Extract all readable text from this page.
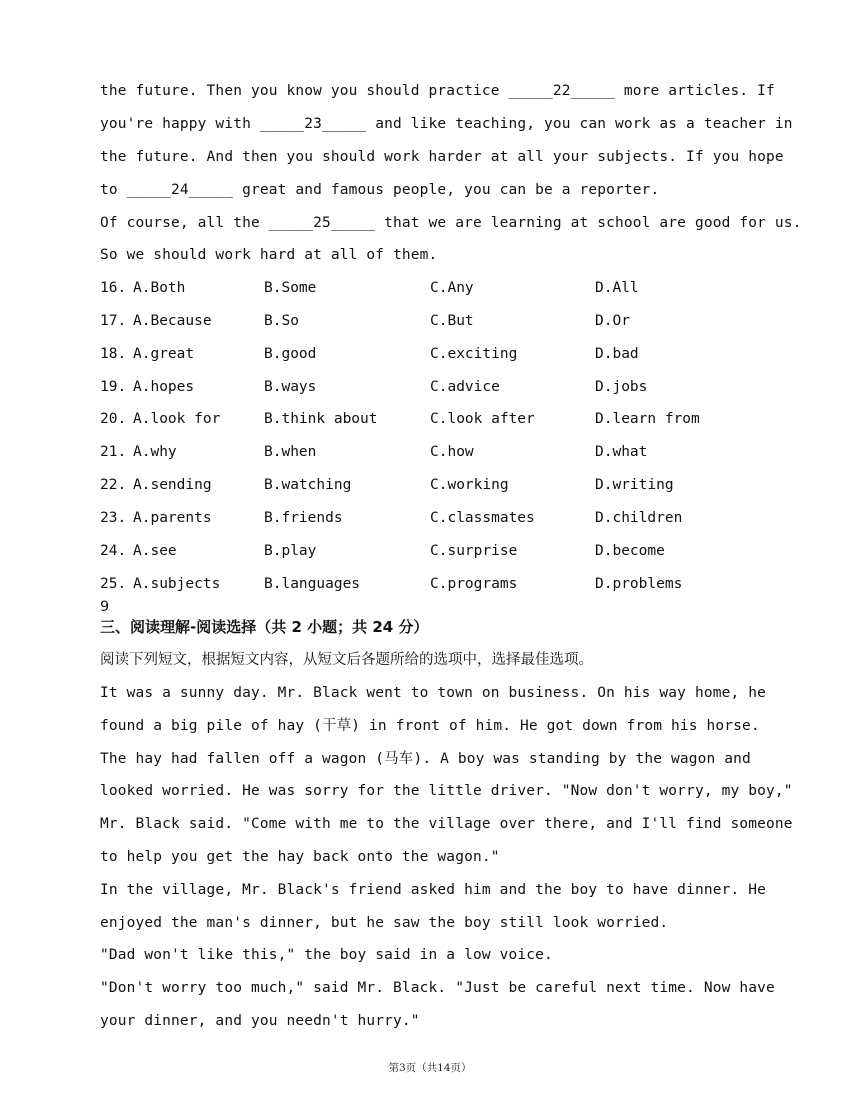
the future. Then you know you should practice _____22_____ more articles. If
you're happy with _____23_____ and like teaching, you can work as a teacher in
the future. And then you should work harder at all your subjects. If you hope
to _____24_____ great and famous people, you can be a reporter.
Of course, all the _____25_____ that we are learning at school are good for us.
So we should work hard at all of them.
16. A.Both	B.Some	C.Any	D.All
17. A.Because	B.So	C.But	D.Or
18. A.great	B.good	C.exciting	D.bad
19. A.hopes	B.ways	C.advice	D.jobs
20. A.look for	B.think about	C.look after	D.learn from
21. A.why	B.when	C.how	D.what
22. A.sending	B.watching	C.working	D.writing
23. A.parents	B.friends	C.classmates	D.children
24. A.see	B.play	C.surprise	D.become
25. A.subjects	B.languages	C.programs	D.problems
9
三、阅读理解-阅读选择（共 2 小题；共 24 分）
阅读下列短文，根据短文内容，从短文后各题所给的选项中，选择最佳选项。
It was a sunny day. Mr. Black went to town on business. On his way home, he
found a big pile of hay (干草) in front of him. He got down from his horse.
The hay had fallen off a wagon (马车). A boy was standing by the wagon and
looked worried. He was sorry for the little driver. "Now don't worry, my boy,"
Mr. Black said. "Come with me to the village over there, and I'll find someone
to help you get the hay back onto the wagon."
In the village, Mr. Black's friend asked him and the boy to have dinner. He
enjoyed the man's dinner, but he saw the boy still look worried.
"Dad won't like this," the boy said in a low voice.
"Don't worry too much," said Mr. Black. "Just be careful next time. Now have
your dinner, and you needn't hurry."
第3页（共14页）
